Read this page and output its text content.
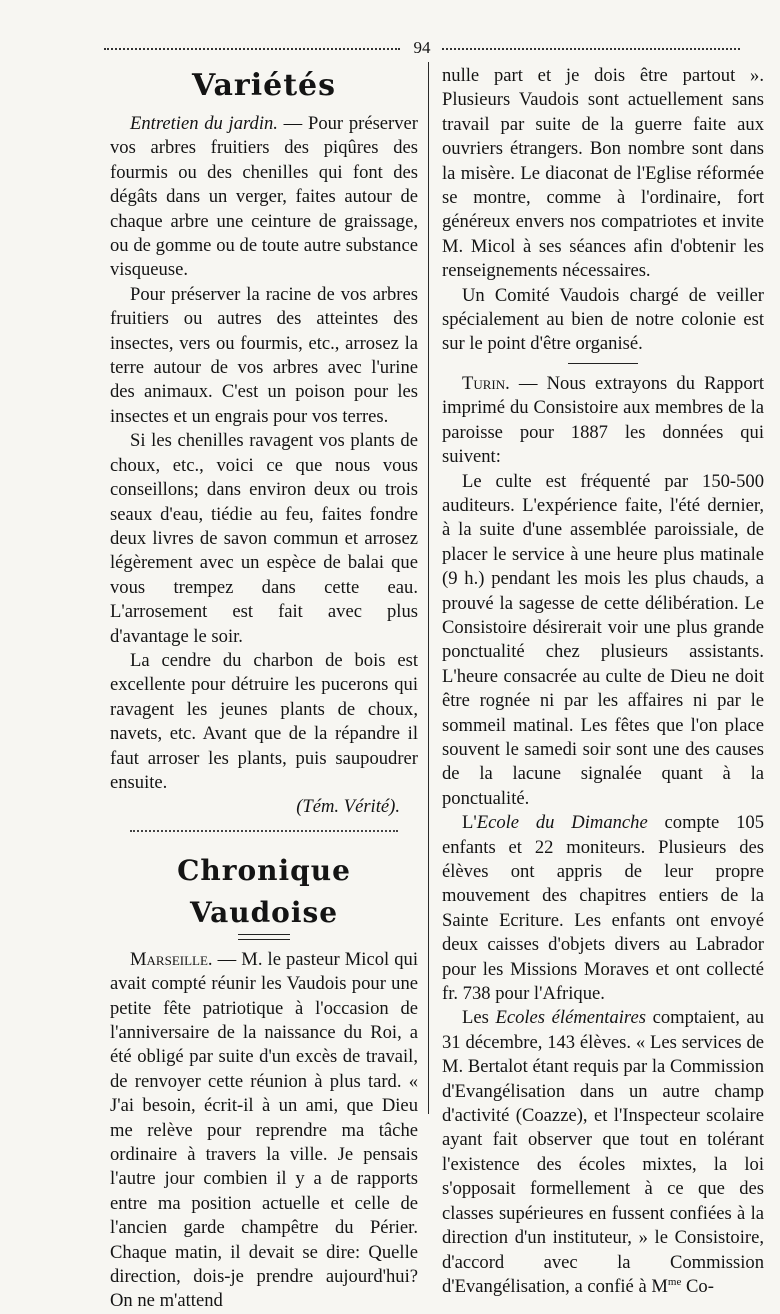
94
Variétés

Entretien du jardin. — Pour préserver vos arbres fruitiers des piqûres des fourmis ou des chenilles qui font des dégâts dans un verger, faites autour de chaque arbre une ceinture de graissage, ou de gomme ou de toute autre substance visqueuse.

Pour préserver la racine de vos arbres fruitiers ou autres des atteintes des insectes, vers ou fourmis, etc., arrosez la terre autour de vos arbres avec l'urine des animaux. C'est un poison pour les insectes et un engrais pour vos terres.

Si les chenilles ravagent vos plants de choux, etc., voici ce que nous vous conseillons; dans environ deux ou trois seaux d'eau, tiédie au feu, faites fondre deux livres de savon commun et arrosez légèrement avec un espèce de balai que vous trempez dans cette eau. L'arrosement est fait avec plus d'avantage le soir.

La cendre du charbon de bois est excellente pour détruire les pucerons qui ravagent les jeunes plants de choux, navets, etc. Avant que de la répandre il faut arroser les plants, puis saupoudrer ensuite.

(Tém. Vérité).

Chronique Vaudoise

Marseille. — M. le pasteur Micol qui avait compté réunir les Vaudois pour une petite fête patriotique à l'occasion de l'anniversaire de la naissance du Roi, a été obligé par suite d'un excès de travail, de renvoyer cette réunion à plus tard. « J'ai besoin, écrit-il à un ami, que Dieu me relève pour reprendre ma tâche ordinaire à travers la ville. Je pensais l'autre jour combien il y a de rapports entre ma position actuelle et celle de l'ancien garde champêtre du Périer. Chaque matin, il devait se dire: Quelle direction, dois-je prendre aujourd'hui? On ne m'attend

nulle part et je dois être partout ». Plusieurs Vaudois sont actuellement sans travail par suite de la guerre faite aux ouvriers étrangers. Bon nombre sont dans la misère. Le diaconat de l'Eglise réformée se montre, comme à l'ordinaire, fort généreux envers nos compatriotes et invite M. Micol à ses séances afin d'obtenir les renseignements nécessaires.

Un Comité Vaudois chargé de veiller spécialement au bien de notre colonie est sur le point d'être organisé.

Turin. — Nous extrayons du Rapport imprimé du Consistoire aux membres de la paroisse pour 1887 les données qui suivent:

Le culte est fréquenté par 150-500 auditeurs. L'expérience faite, l'été dernier, à la suite d'une assemblée paroissiale, de placer le service à une heure plus matinale (9 h.) pendant les mois les plus chauds, a prouvé la sagesse de cette délibération. Le Consistoire désirerait voir une plus grande ponctualité chez plusieurs assistants. L'heure consacrée au culte de Dieu ne doit être rognée ni par les affaires ni par le sommeil matinal. Les fêtes que l'on place souvent le samedi soir sont une des causes de la lacune signalée quant à la ponctualité.

L'Ecole du Dimanche compte 105 enfants et 22 moniteurs. Plusieurs des élèves ont appris de leur propre mouvement des chapitres entiers de la Sainte Ecriture. Les enfants ont envoyé deux caisses d'objets divers au Labrador pour les Missions Moraves et ont collecté fr. 738 pour l'Afrique.

Les Ecoles élémentaires comptaient, au 31 décembre, 143 élèves. « Les services de M. Bertalot étant requis par la Commission d'Evangélisation dans un autre champ d'activité (Coazze), et l'Inspecteur scolaire ayant fait observer que tout en tolérant l'existence des écoles mixtes, la loi s'opposait formellement à ce que des classes supérieures en fussent confiées à la direction d'un instituteur, » le Consistoire, d'accord avec la Commission d'Evangélisation, a confié à $M^{me}$ Co-
